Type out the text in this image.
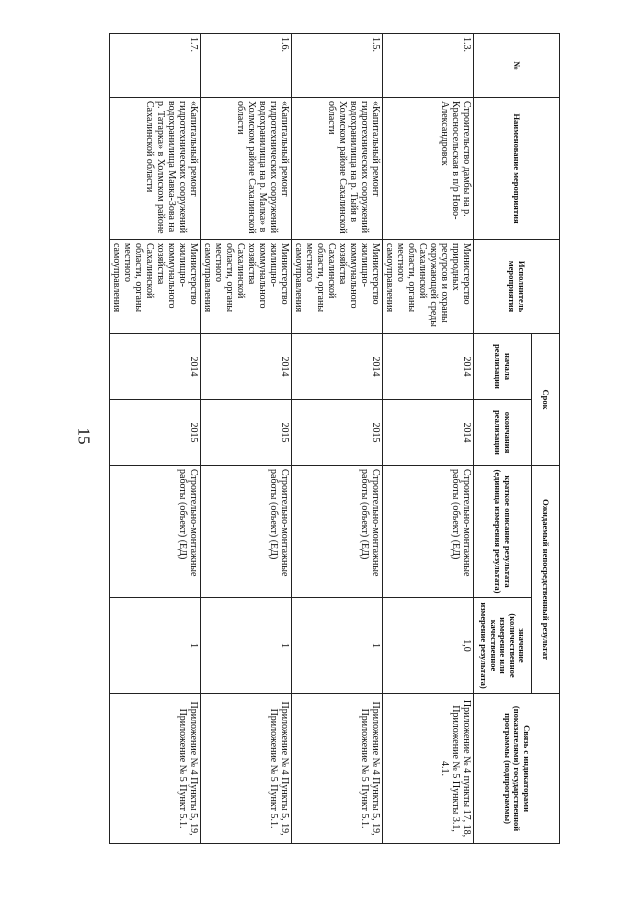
15
№	Наименование мероприятия	Исполнитель мероприятия	Срок		Ожидаемый непосредственный результат		Связь с индикаторами (показателями) государственной программы (подпрограммы)
			начала реализации	окончания реализации	краткое описание результата (единица измерения результата)	значение (количественное измерение или качественное измерение результата)	
1.3.	Строительство дамбы на р. Красносельская в п/р Ново-Александровск	Министерство природных ресурсов и охраны окружающей среды Сахалинской области, органы местного самоуправления	2014	2014	Строительно-монтажные работы (объект) (ЕД)	1,0	Приложение № 4 пункты 17, 18, Приложение № 5 Пункты 3.1, 4.1.
1.5.	«Капитальный ремонт гидротехнических сооружений водохранилища на р. Тыйя в Холмском районе Сахалинской области	Министерство жилищно-коммунального хозяйства Сахалинской области, органы местного самоуправления	2014	2015	Строительно-монтажные работы (объект) (ЕД)	1	Приложение № 4 Пункты 5, 19, Приложение № 5 Пункт 5.1.
1.6.	«Капитальный ремонт гидротехнических сооружений водохранилища на р. Малка» в Холмском районе Сахалинской области	Министерство жилищно-коммунального хозяйства Сахалинской области, органы местного самоуправления	2014	2015	Строительно-монтажные работы (объект) (ЕД)	1	Приложение № 4 Пункты 5, 19, Приложение № 5 Пункт 5.1.
1.7.	«Капитальный ремонт гидротехнических сооружений водохранилища Мавка-Зова на р. Татарка» в Холмском районе Сахалинской области	Министерство жилищно-коммунального хозяйства Сахалинской области, органы местного самоуправления	2014	2015	Строительно-монтажные работы (объект) (ЕД)	1	Приложение № 4 Пункты 5, 19, Приложение № 5 Пункт 5.1.
